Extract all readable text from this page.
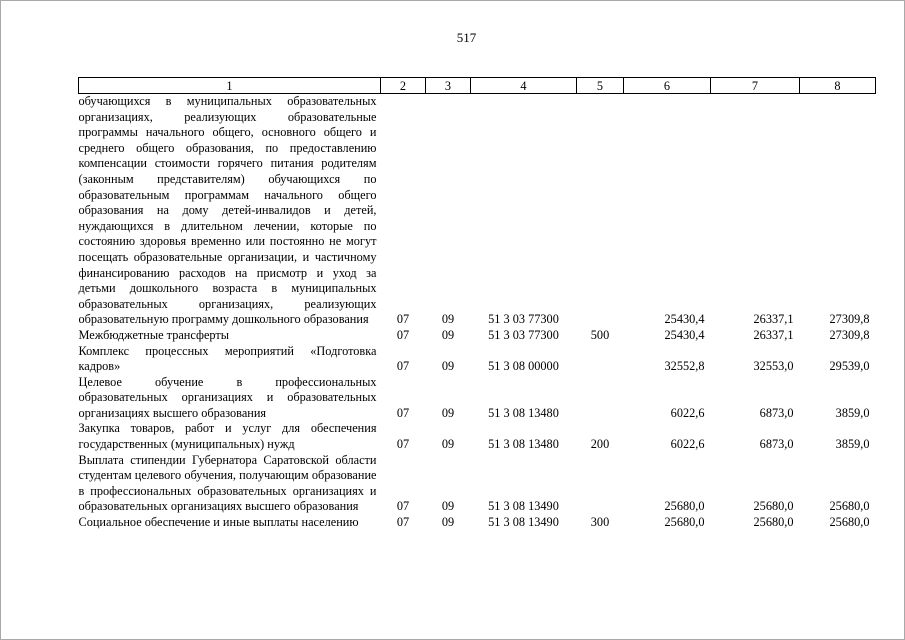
517
1	2	3	4	5	6	7	8
обучающихся в муниципальных образовательных организациях, реализующих образовательные программы начального общего, основного общего и среднего общего образования, по предоставлению компенсации стоимости горячего питания родителям (законным представителям) обучающихся по образовательным программам начального общего образования на дому детей-инвалидов и детей, нуждающихся в длительном лечении, которые по состоянию здоровья временно или постоянно не могут посещать образовательные организации, и частичному финансированию расходов на присмотр и уход за детьми дошкольного возраста в муниципальных образовательных организациях, реализующих образовательную программу дошкольного образования	07	09	51 3 03 77300		25430,4	26337,1	27309,8
Межбюджетные трансферты	07	09	51 3 03 77300	500	25430,4	26337,1	27309,8
Комплекс процессных мероприятий «Подготовка кадров»	07	09	51 3 08 00000		32552,8	32553,0	29539,0
Целевое обучение в профессиональных образовательных организациях и образовательных организациях высшего образования	07	09	51 3 08 13480		6022,6	6873,0	3859,0
Закупка товаров, работ и услуг для обеспечения государственных (муниципальных) нужд	07	09	51 3 08 13480	200	6022,6	6873,0	3859,0
Выплата стипендии Губернатора Саратовской области студентам целевого обучения, получающим образование в профессиональных образовательных организациях и образовательных организациях высшего образования	07	09	51 3 08 13490		25680,0	25680,0	25680,0
Социальное обеспечение и иные выплаты населению	07	09	51 3 08 13490	300	25680,0	25680,0	25680,0
